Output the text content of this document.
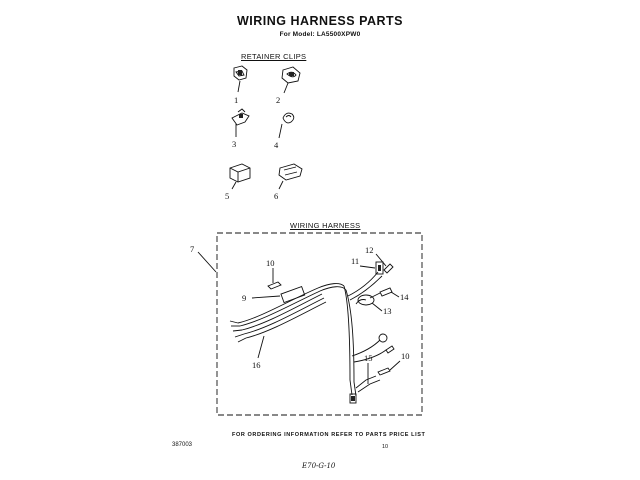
WIRING HARNESS PARTS
For Model: LA5500XPW0
RETAINER CLIPS
WIRING HARNESS
1	2
3	4
5	6
7
9
10	11
12
13
14
15	10
16
FOR ORDERING INFORMATION REFER TO PARTS PRICE LIST
387003	10
E70-G-10
